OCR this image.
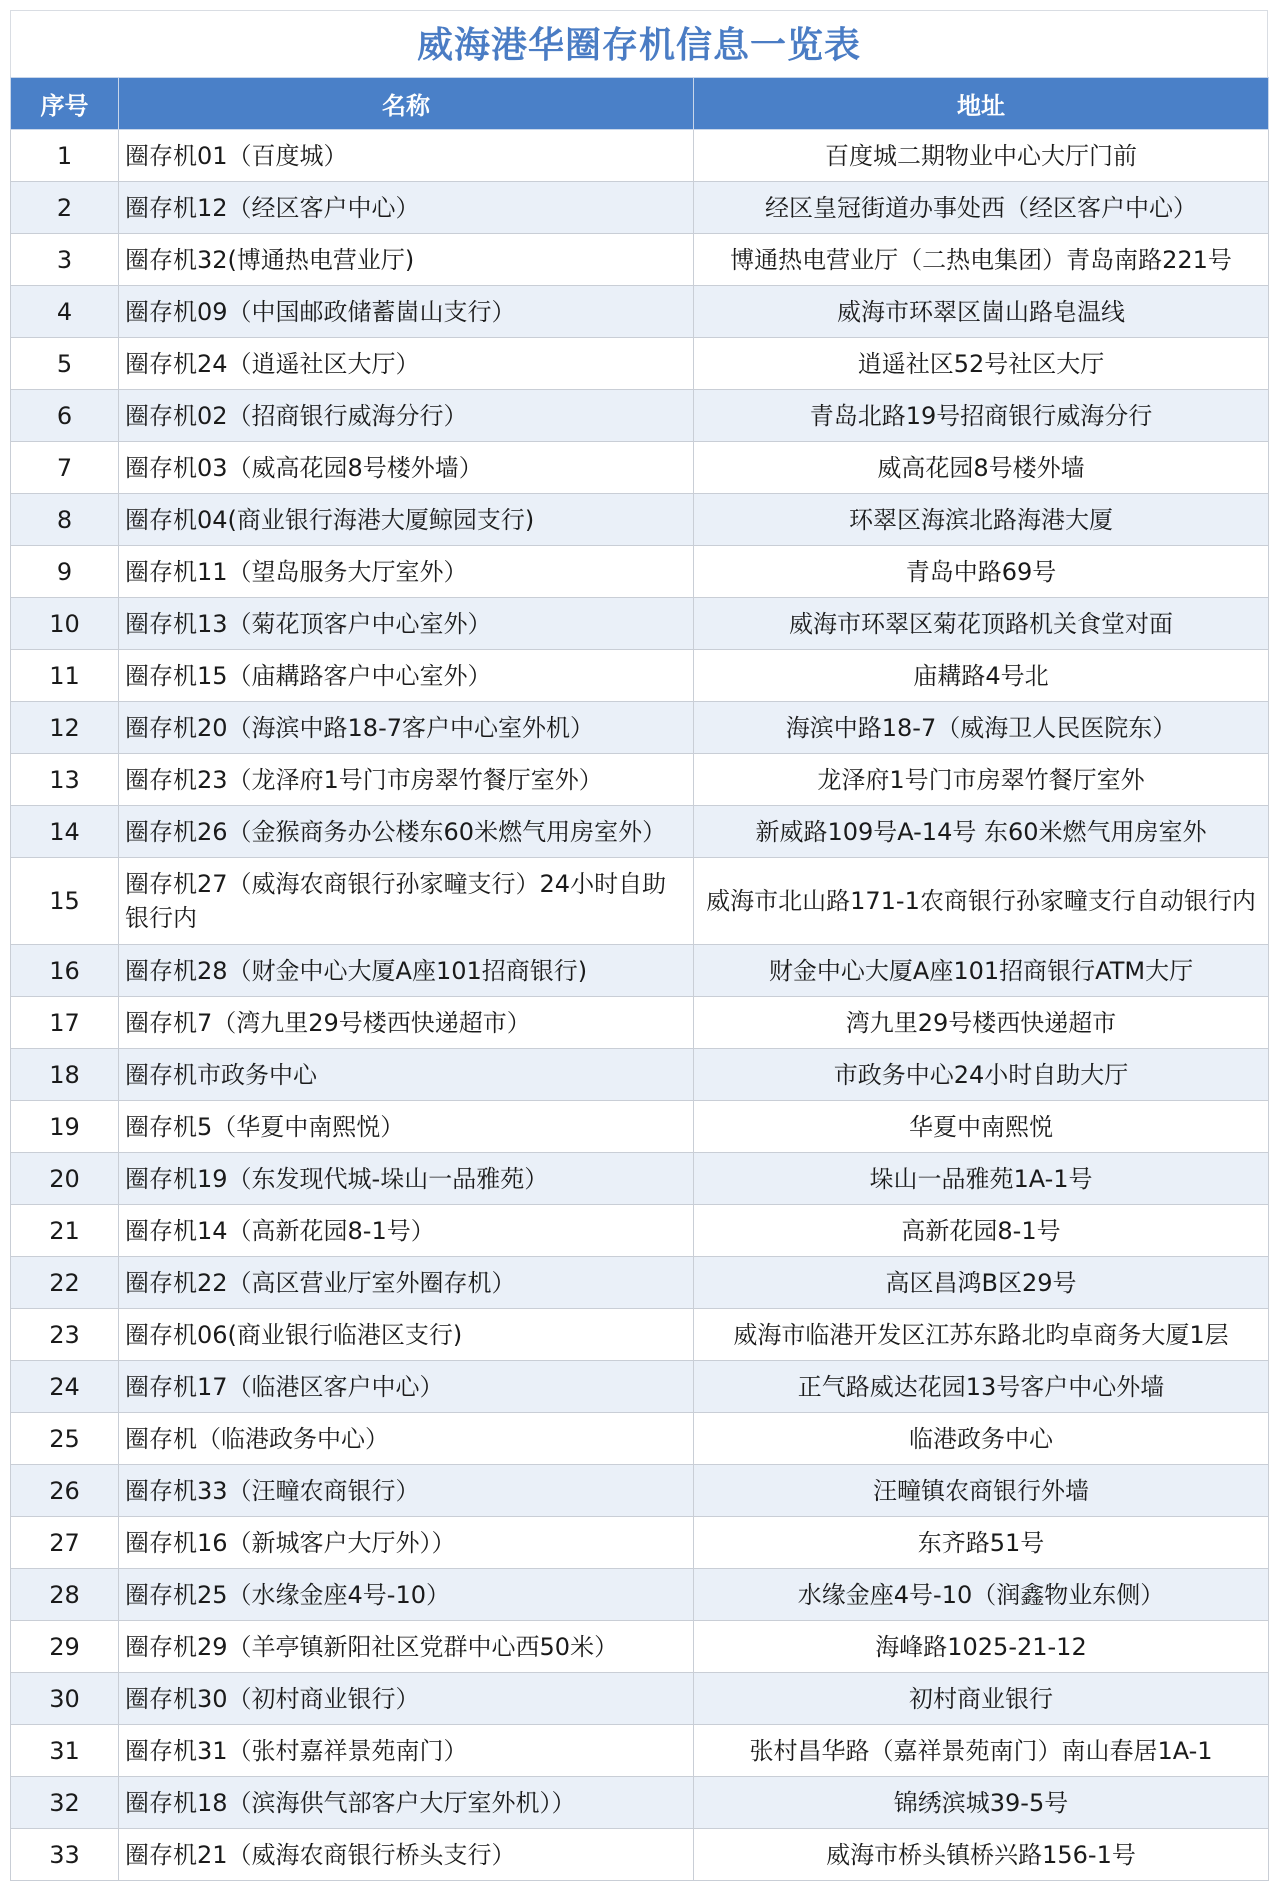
威海港华圈存机信息一览表
序号	名称	地址
1	圈存机01（百度城）	百度城二期物业中心大厅门前
2	圈存机12（经区客户中心）	经区皇冠街道办事处西（经区客户中心）
3	圈存机32(博通热电营业厅)	博通热电营业厅（二热电集团）青岛南路221号
4	圈存机09（中国邮政储蓄崮山支行）	威海市环翠区崮山路皂温线
5	圈存机24（逍遥社区大厅）	逍遥社区52号社区大厅
6	圈存机02（招商银行威海分行）	青岛北路19号招商银行威海分行
7	圈存机03（威高花园8号楼外墙）	威高花园8号楼外墙
8	圈存机04(商业银行海港大厦鲸园支行)	环翠区海滨北路海港大厦
9	圈存机11（望岛服务大厅室外）	青岛中路69号
10	圈存机13（菊花顶客户中心室外）	威海市环翠区菊花顶路机关食堂对面
11	圈存机15（庙耩路客户中心室外）	庙耩路4号北
12	圈存机20（海滨中路18-7客户中心室外机）	海滨中路18-7（威海卫人民医院东）
13	圈存机23（龙泽府1号门市房翠竹餐厅室外）	龙泽府1号门市房翠竹餐厅室外
14	圈存机26（金猴商务办公楼东60米燃气用房室外）	新威路109号A-14号 东60米燃气用房室外
15	圈存机27（威海农商银行孙家疃支行）24小时自助银行内	威海市北山路171-1农商银行孙家疃支行自动银行内
16	圈存机28（财金中心大厦A座101招商银行)	财金中心大厦A座101招商银行ATM大厅
17	圈存机7（湾九里29号楼西快递超市）	湾九里29号楼西快递超市
18	圈存机市政务中心	市政务中心24小时自助大厅
19	圈存机5（华夏中南熙悦）	华夏中南熙悦
20	圈存机19（东发现代城-垛山一品雅苑）	垛山一品雅苑1A-1号
21	圈存机14（高新花园8-1号）	高新花园8-1号
22	圈存机22（高区营业厅室外圈存机）	高区昌鸿B区29号
23	圈存机06(商业银行临港区支行)	威海市临港开发区江苏东路北昀卓商务大厦1层
24	圈存机17（临港区客户中心）	正气路威达花园13号客户中心外墙
25	圈存机（临港政务中心）	临港政务中心
26	圈存机33（汪疃农商银行）	汪疃镇农商银行外墙
27	圈存机16（新城客户大厅外））	东齐路51号
28	圈存机25（水缘金座4号-10）	水缘金座4号-10（润鑫物业东侧）
29	圈存机29（羊亭镇新阳社区党群中心西50米）	海峰路1025-21-12
30	圈存机30（初村商业银行）	初村商业银行
31	圈存机31（张村嘉祥景苑南门）	张村昌华路（嘉祥景苑南门）南山春居1A-1
32	圈存机18（滨海供气部客户大厅室外机））	锦绣滨城39-5号
33	圈存机21（威海农商银行桥头支行）	威海市桥头镇桥兴路156-1号
